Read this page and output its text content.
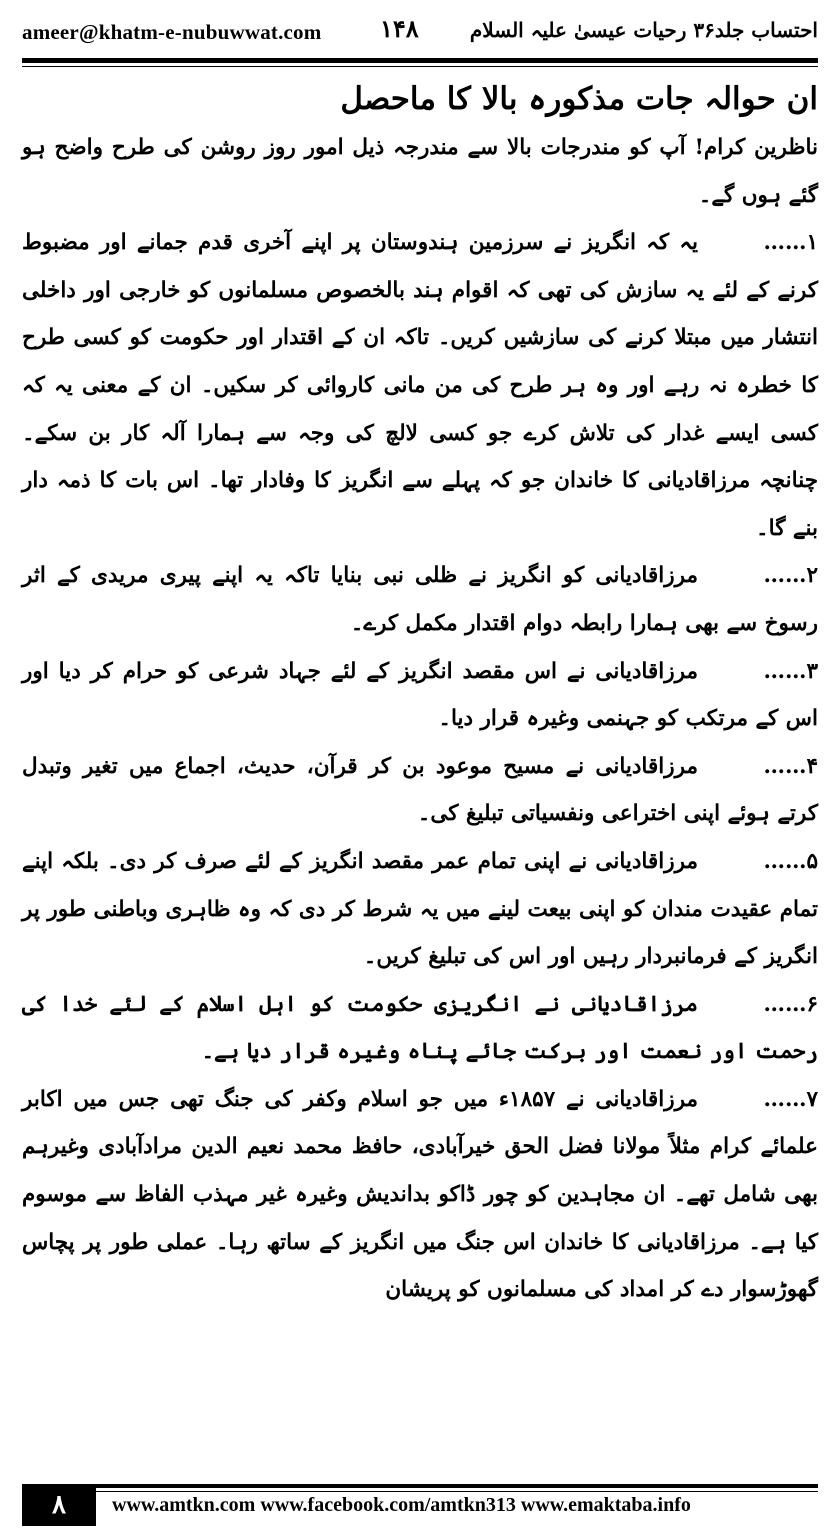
ameer@khatm-e-nubuwwat.com ۱۴۸	احتساب جلد۳۶ رحیات عیسیٰ علیہ السلام
ان حوالہ جات مذکورہ بالا کا ماحصل

ناظرین کرام! آپ کو مندرجات بالا سے مندرجہ ذیل امور روز روشن کی طرح واضح ہو گئے ہوں گے۔

۱……یہ کہ انگریز نے سرزمین ہندوستان پر اپنے آخری قدم جمانے اور مضبوط کرنے کے لئے یہ سازش کی تھی کہ اقوام ہند بالخصوص مسلمانوں کو خارجی اور داخلی انتشار میں مبتلا کرنے کی سازشیں کریں۔ تاکہ ان کے اقتدار اور حکومت کو کسی طرح کا خطرہ نہ رہے اور وہ ہر طرح کی من مانی کاروائی کر سکیں۔ ان کے معنی یہ کہ کسی ایسے غدار کی تلاش کرے جو کسی لالچ کی وجہ سے ہمارا آلہ کار بن سکے۔ چنانچہ مرزاقادیانی کا خاندان جو کہ پہلے سے انگریز کا وفادار تھا۔ اس بات کا ذمہ دار بنے گا۔

۲……مرزاقادیانی کو انگریز نے ظلی نبی بنایا تاکہ یہ اپنے پیری مریدی کے اثر رسوخ سے بھی ہمارا رابطہ دوام اقتدار مکمل کرے۔

۳……مرزاقادیانی نے اس مقصد انگریز کے لئے جہاد شرعی کو حرام کر دیا اور اس کے مرتکب کو جہنمی وغیرہ قرار دیا۔

۴……مرزاقادیانی نے مسیح موعود بن کر قرآن، حدیث، اجماع میں تغیر وتبدل کرتے ہوئے اپنی اختراعی ونفسیاتی تبلیغ کی۔

۵……مرزاقادیانی نے اپنی تمام عمر مقصد انگریز کے لئے صرف کر دی۔ بلکہ اپنے تمام عقیدت مندان کو اپنی بیعت لینے میں یہ شرط کر دی کہ وہ ظاہری وباطنی طور پر انگریز کے فرمانبردار رہیں اور اس کی تبلیغ کریں۔

۶……مرزاقادیانی نے انگریزی حکومت کو اہل اسلام کے لئے خدا کی رحمت اور نعمت اور برکت جائے پناہ وغیرہ قرار دیا ہے۔

۷……مرزاقادیانی نے ۱۸۵۷ء میں جو اسلام وکفر کی جنگ تھی جس میں اکابر علمائے کرام مثلاً مولانا فضل الحق خیرآبادی، حافظ محمد نعیم الدین مرادآبادی وغیرہم بھی شامل تھے۔ ان مجاہدین کو چور ڈاکو بداندیش وغیرہ غیر مہذب الفاظ سے موسوم کیا ہے۔ مرزاقادیانی کا خاندان اس جنگ میں انگریز کے ساتھ رہا۔ عملی طور پر پچاس گھوڑسوار دے کر امداد کی مسلمانوں کو پریشان

۸	www.amtkn.com www.facebook.com/amtkn313 www.emaktaba.info
